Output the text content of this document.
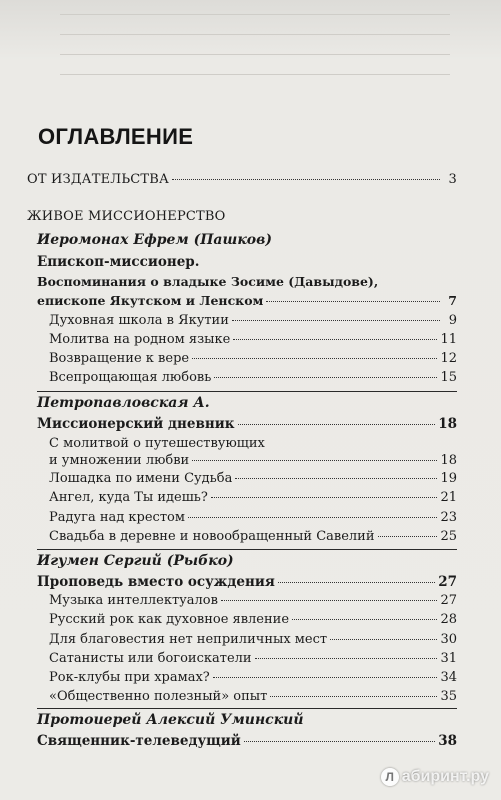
ОГЛАВЛЕНИЕ
ОТ ИЗДАТЕЛЬСТВА	3
ЖИВОЕ МИССИОНЕРСТВО
Иеромонах Ефрем (Пашков)
Епископ-миссионер.
Воспоминания о владыке Зосиме (Давыдове),
епископе Якутском и Ленском	7
Духовная школа в Якутии	9
Молитва на родном языке	11
Возвращение к вере	12
Всепрощающая любовь	15
Петропавловская А.
Миссионерский дневник	18
С молитвой о путешествующих
и умножении любви	18
Лошадка по имени Судьба	19
Ангел, куда Ты идешь?	21
Радуга над крестом	23
Свадьба в деревне и новообращенный Савелий	25
Игумен Сергий (Рыбко)
Проповедь вместо осуждения	27
Музыка интеллектуалов	27
Русский рок как духовное явление	28
Для благовестия нет неприличных мест	30
Сатанисты или богоискатели	31
Рок-клубы при храмах?	34
«Общественно полезный» опыт	35
Протоиерей Алексий Уминский
Священник-телеведущий	38
Л абиринт.ру
